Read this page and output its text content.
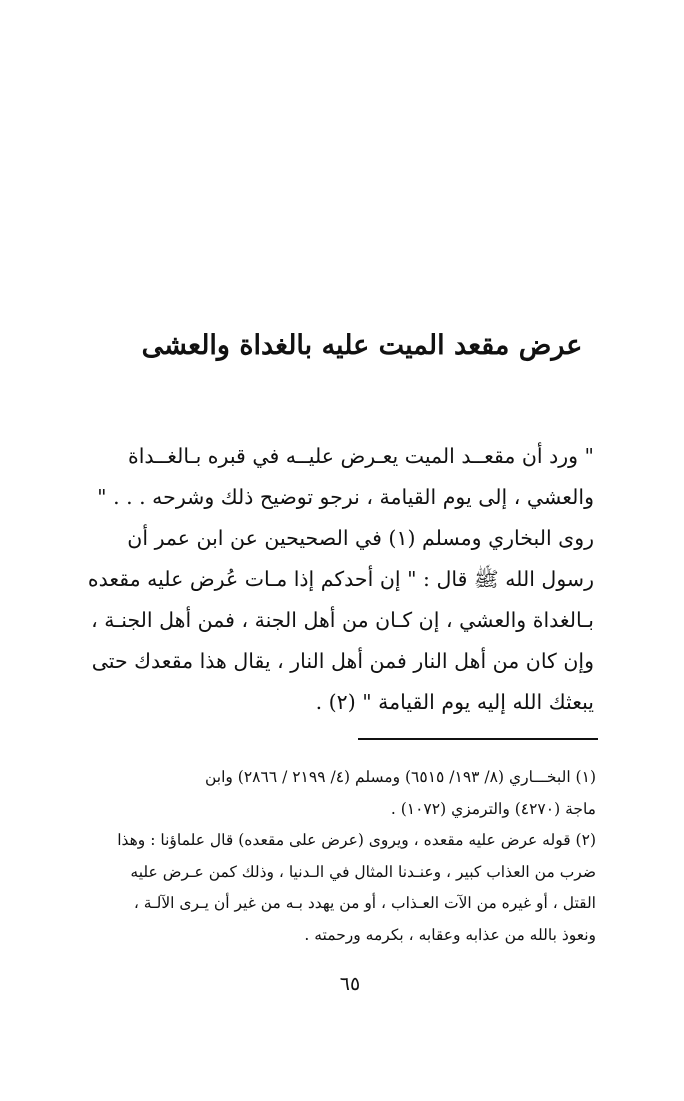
عرض مقعد الميت عليه بالغداة والعشى
" ورد أن مقعــد الميت يعـرض عليــه في قبره بـالغــداة
والعشي ، إلى يوم القيامة ، نرجو توضيح ذلك وشرحه . . . "
روى البخاري ومسلم (١) في الصحيحين عن ابن عمر أن
رسول الله ﷺ قال : " إن أحدكم إذا مـات عُرض عليه مقعده
بـالغداة والعشي ، إن كـان من أهل الجنة ، فمن أهل الجنـة ،
وإن كان من أهل النار فمن أهل النار ، يقال هذا مقعدك حتى
يبعثك الله إليه يوم القيامة " (٢) .
(١) البخـــاري (٨/ ١٩٣/ ٦٥١٥) ومسلم (٤/ ٢١٩٩ / ٢٨٦٦) وابن
ماجة (٤٢٧٠) والترمزي (١٠٧٢) .
(٢) قوله عرض عليه مقعده ، ويروى (عرض على مقعده) قال علماؤنا : وهذا
ضرب من العذاب كبير ، وعنـدنا المثال في الـدنيا ، وذلك كمن عـرض عليه
القتل ، أو غيره من الآت العـذاب ، أو من يهدد بـه من غير أن يـرى الآلـة ،
ونعوذ بالله من عذابه وعقابه ، بكرمه ورحمته .
٦٥
